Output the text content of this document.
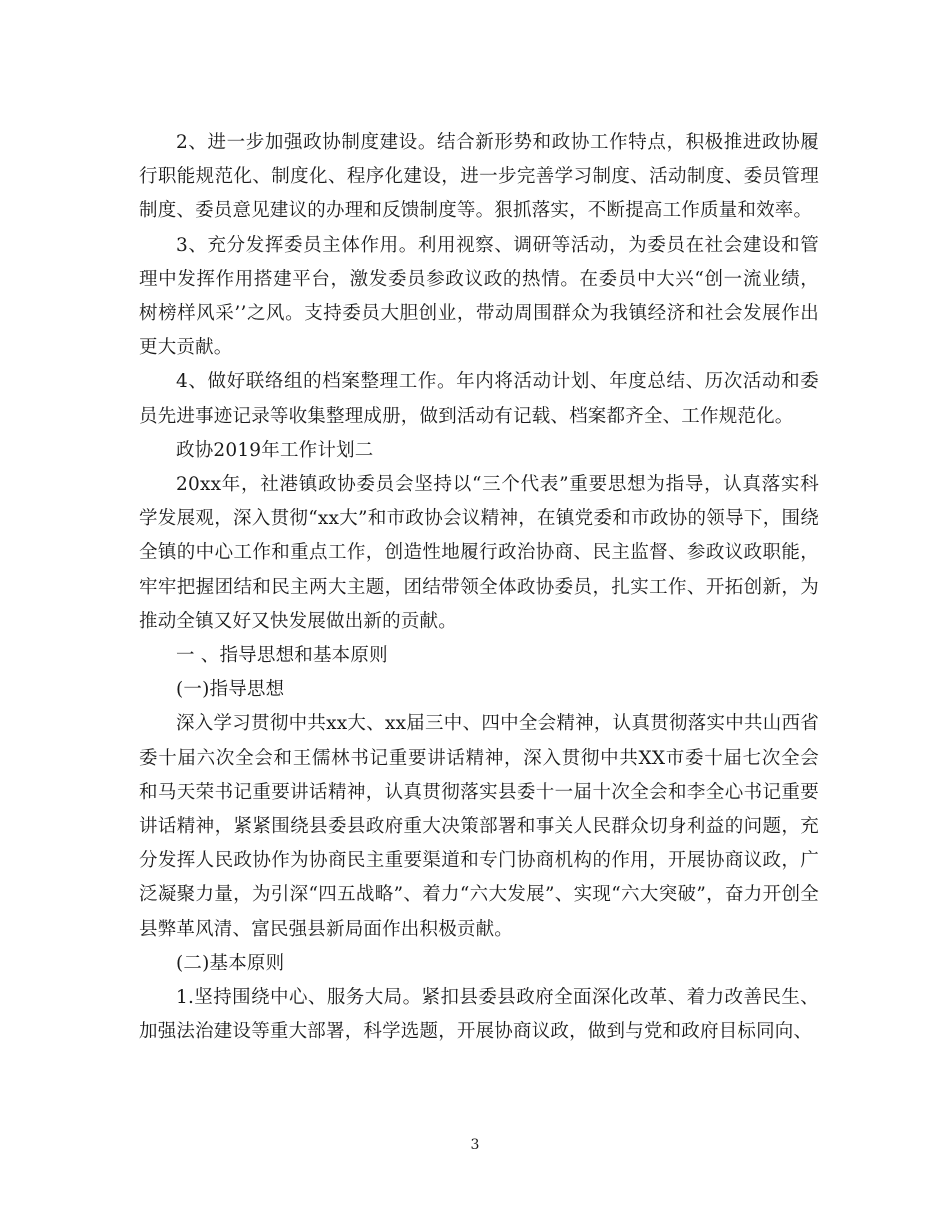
2、进一步加强政协制度建设。结合新形势和政协工作特点，积极推进政协履行职能规范化、制度化、程序化建设，进一步完善学习制度、活动制度、委员管理制度、委员意见建议的办理和反馈制度等。狠抓落实，不断提高工作质量和效率。

3、充分发挥委员主体作用。利用视察、调研等活动，为委员在社会建设和管理中发挥作用搭建平台，激发委员参政议政的热情。在委员中大兴“创一流业绩，树榜样风采’’之风。支持委员大胆创业，带动周围群众为我镇经济和社会发展作出更大贡献。

4、做好联络组的档案整理工作。年内将活动计划、年度总结、历次活动和委员先进事迹记录等收集整理成册，做到活动有记载、档案都齐全、工作规范化。

政协2019年工作计划二

20xx年，社港镇政协委员会坚持以“三个代表”重要思想为指导，认真落实科学发展观，深入贯彻“xx大”和市政协会议精神，在镇党委和市政协的领导下，围绕全镇的中心工作和重点工作，创造性地履行政治协商、民主监督、参政议政职能，牢牢把握团结和民主两大主题，团结带领全体政协委员，扎实工作、开拓创新，为推动全镇又好又快发展做出新的贡献。

一 、指导思想和基本原则

(一)指导思想

深入学习贯彻中共xx大、xx届三中、四中全会精神，认真贯彻落实中共山西省委十届六次全会和王儒林书记重要讲话精神，深入贯彻中共XX市委十届七次全会和马天荣书记重要讲话精神，认真贯彻落实县委十一届十次全会和李全心书记重要讲话精神，紧紧围绕县委县政府重大决策部署和事关人民群众切身利益的问题，充分发挥人民政协作为协商民主重要渠道和专门协商机构的作用，开展协商议政，广泛凝聚力量，为引深“四五战略”、着力“六大发展”、实现“六大突破”，奋力开创全县弊革风清、富民强县新局面作出积极贡献。

(二)基本原则

1.坚持围绕中心、服务大局。紧扣县委县政府全面深化改革、着力改善民生、加强法治建设等重大部署，科学选题，开展协商议政，做到与党和政府目标同向、

3
